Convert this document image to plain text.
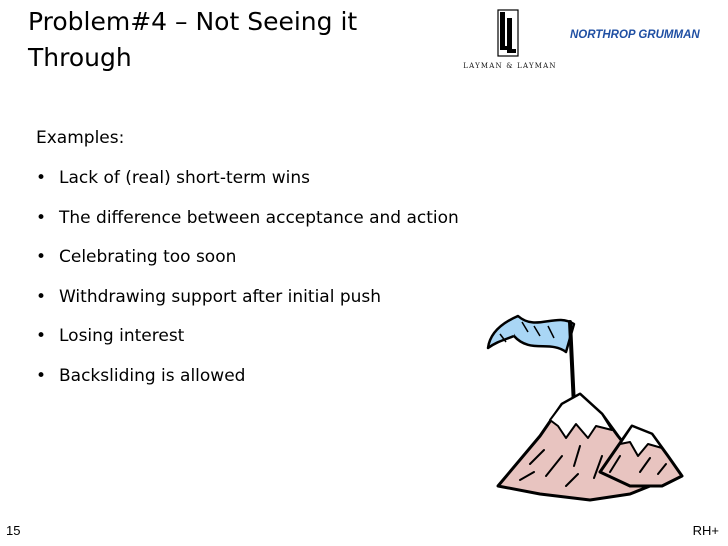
Problem#4 – Not Seeing it
Through	LAYMAN & LAYMAN
NORTHROP GRUMMAN
Examples:
• Lack of (real) short-term wins
• The difference between acceptance and action
• Celebrating too soon
• Withdrawing support after initial push
• Losing interest
• Backsliding is allowed
15	RH+
